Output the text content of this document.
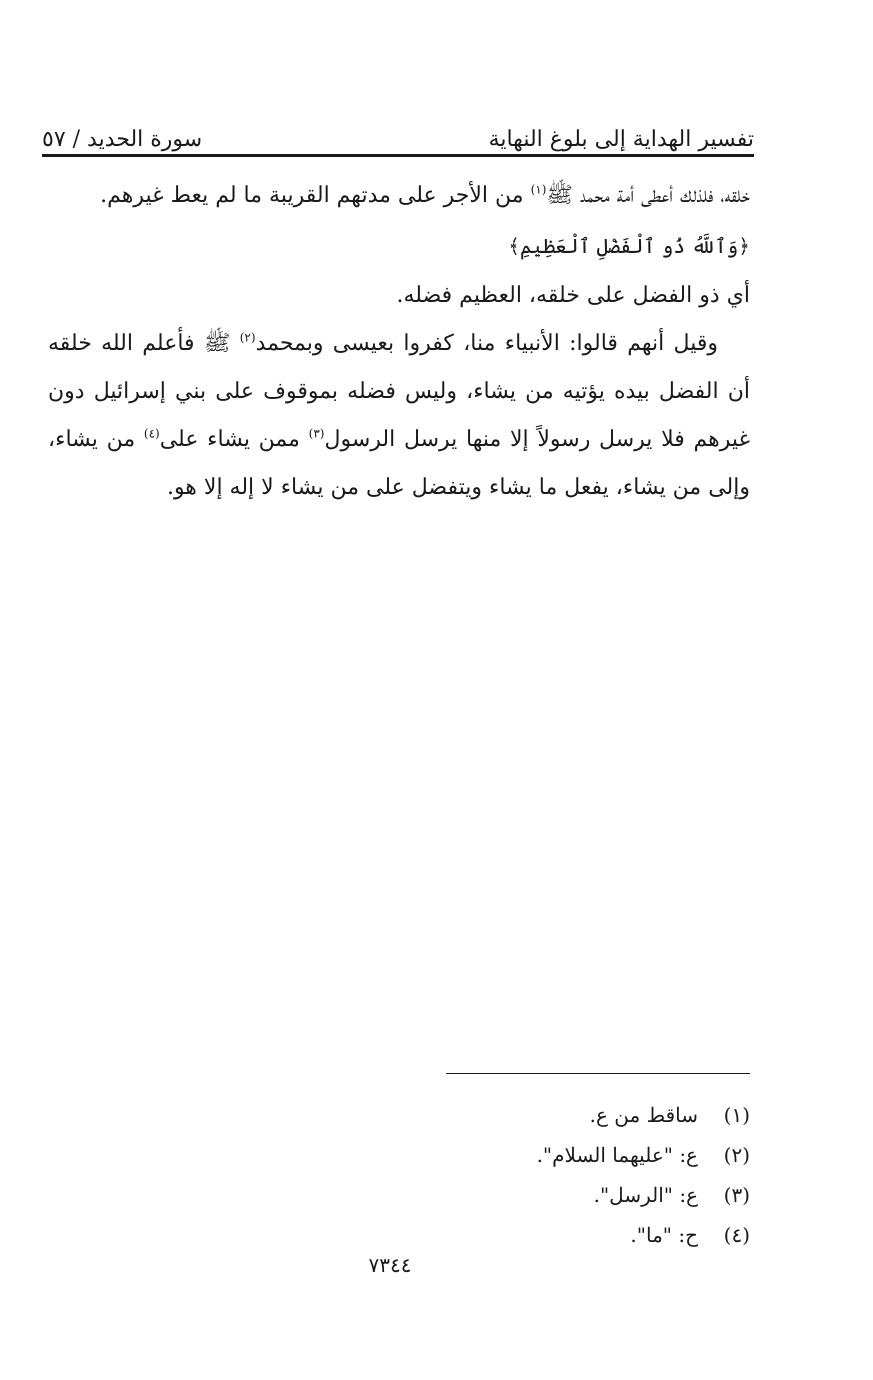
تفسير الهداية إلى بلوغ النهاية
سورة الحديد / ٥٧

خلقه، فلذلك أعطى أمة محمد ﷺ$^{(١)}$ من الأجر على مدتهم القريبة ما لم يعط غيرهم.

﴿وَٱللَّهُ ذُو ٱلْفَضْلِ ٱلْعَظِيمِ﴾

أي ذو الفضل على خلقه، العظيم فضله.

وقيل أنهم قالوا: الأنبياء منا، كفروا بعيسى وبمحمد$^{(٢)}$ ﷺ فأعلم الله خلقه أن الفضل بيده يؤتيه من يشاء، وليس فضله بموقوف على بني إسرائيل دون غيرهم فلا يرسل رسولاً إلا منها يرسل الرسول$^{(٣)}$ ممن يشاء على$^{(٤)}$ من يشاء، وإلى من يشاء، يفعل ما يشاء ويتفضل على من يشاء لا إله إلا هو.

(١)
ساقط من ع.
(٢)
ع: "عليهما السلام".
(٣)
ع: "الرسل".
(٤)
ح: "ما".
٧٣٤٤
